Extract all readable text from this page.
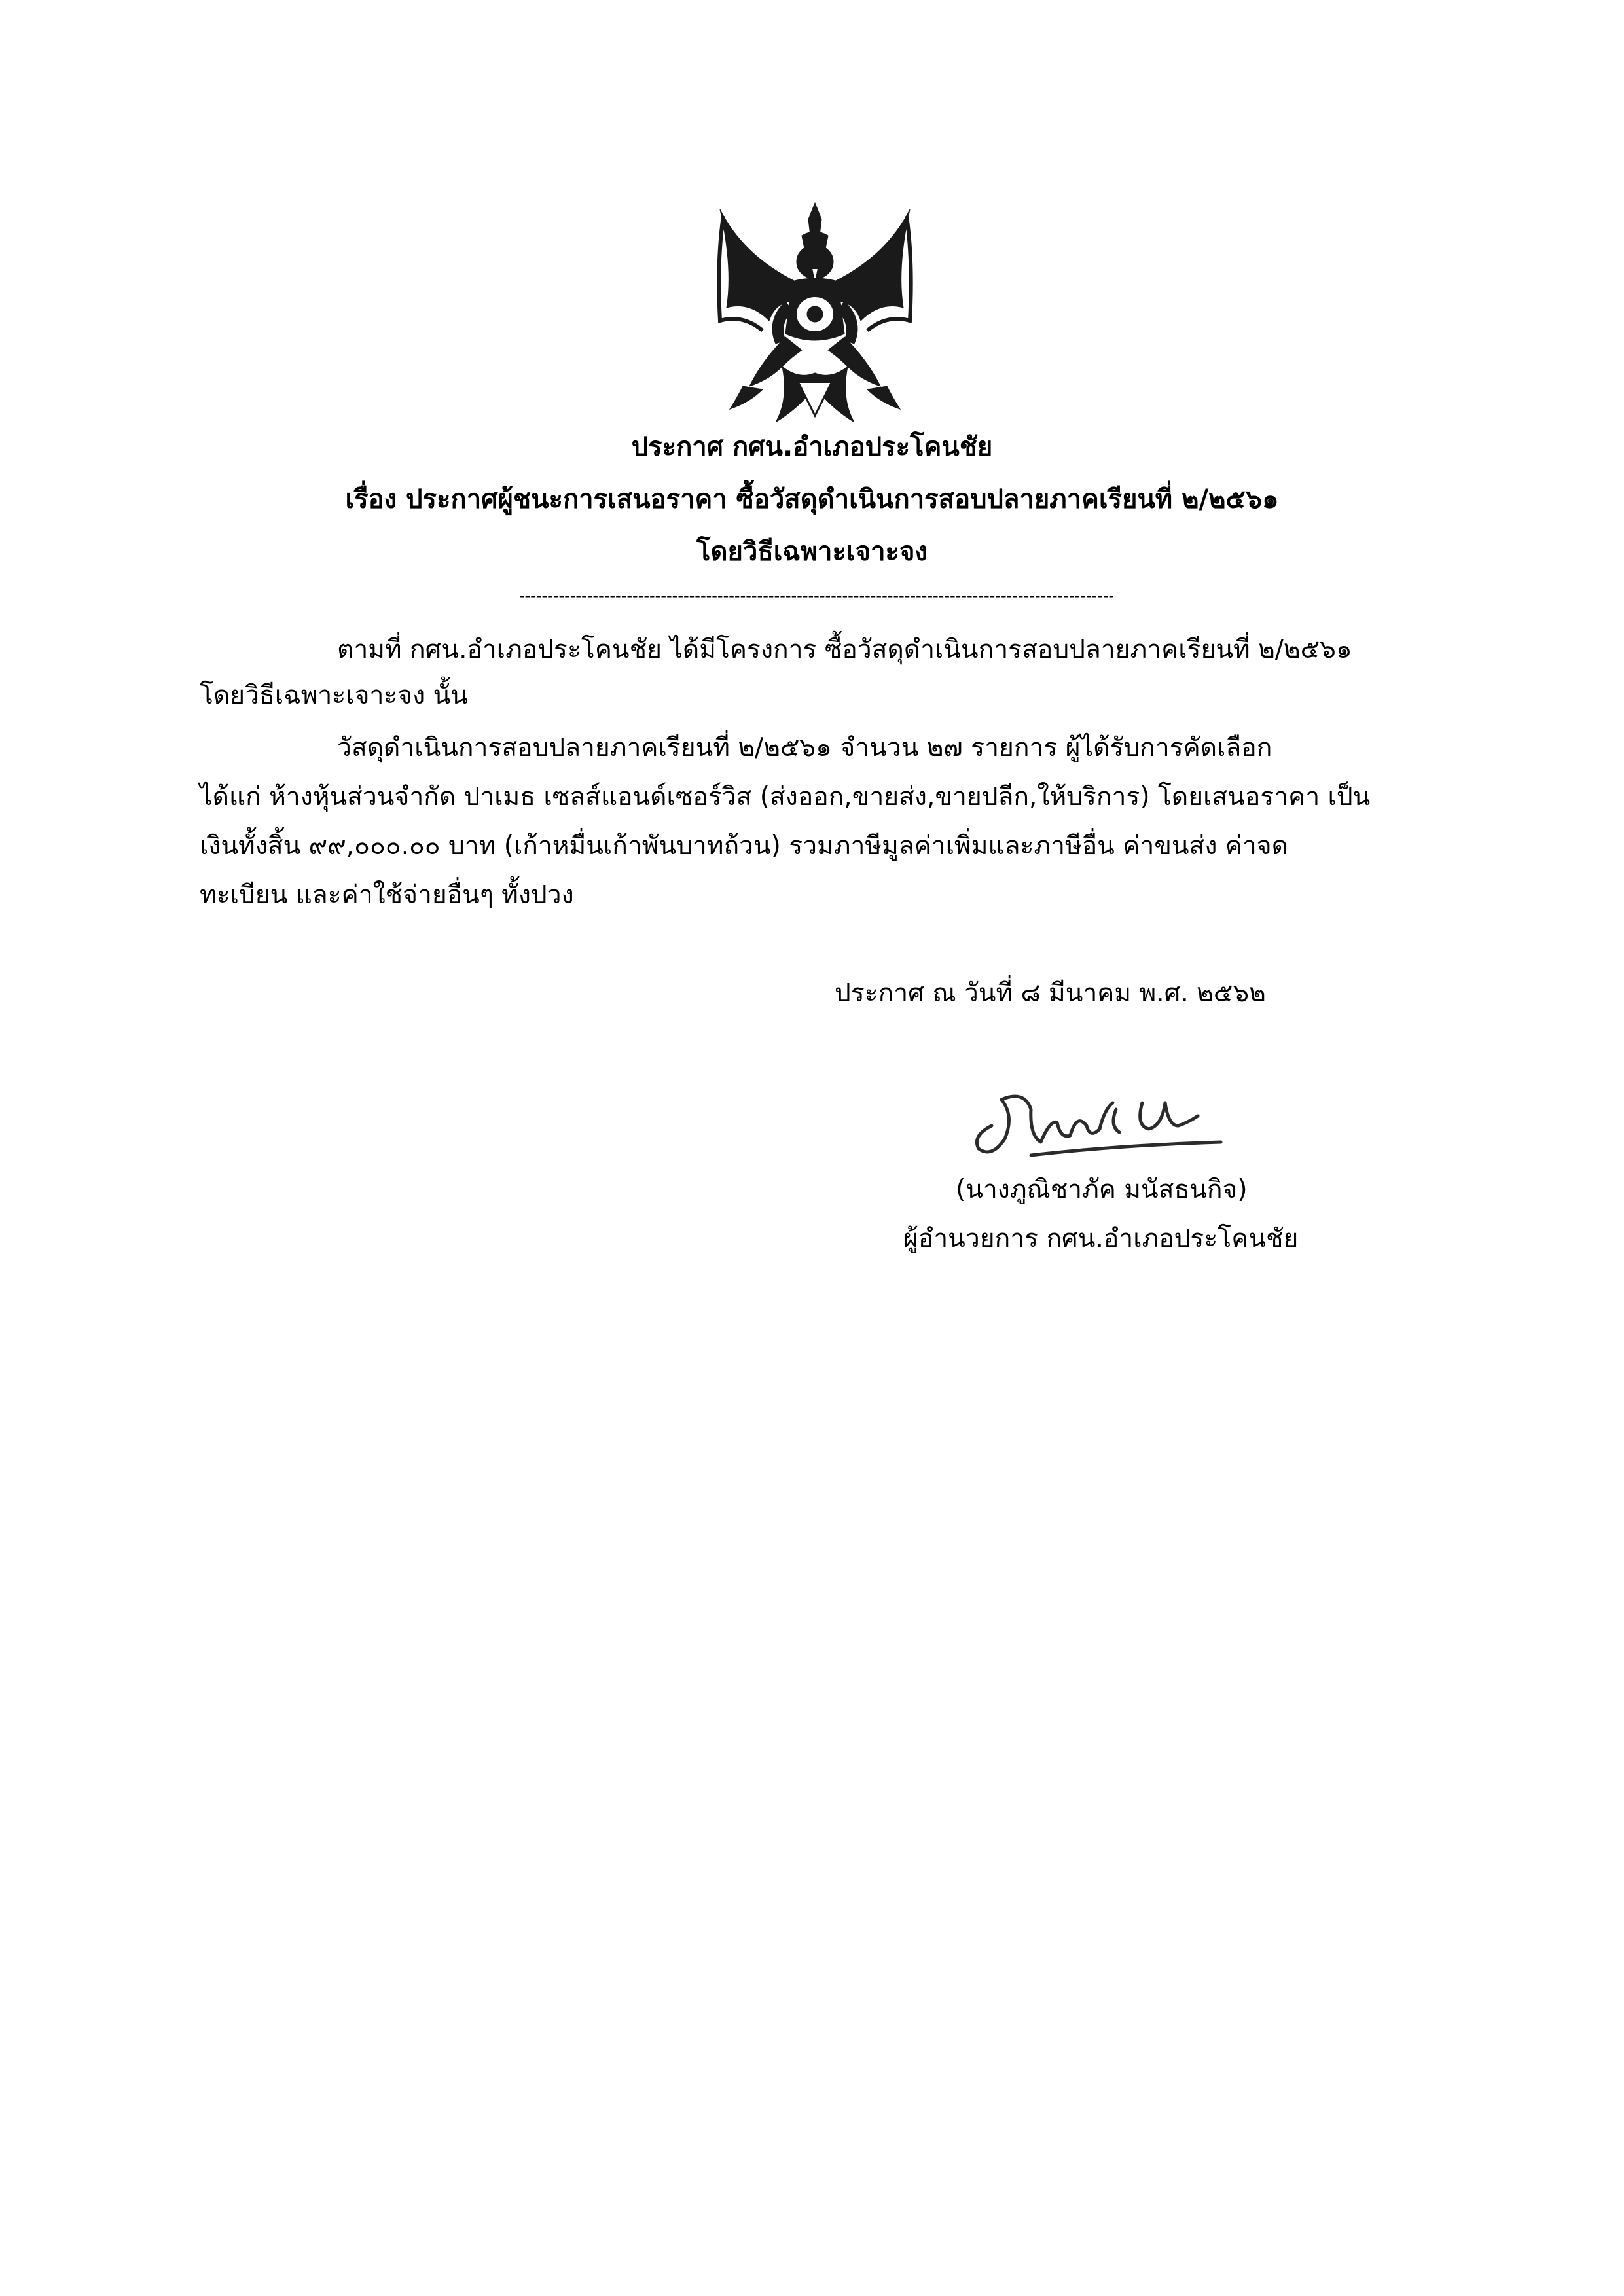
ประกาศ กศน.อำเภอประโคนชัย
เรื่อง ประกาศผู้ชนะการเสนอราคา ซื้อวัสดุดำเนินการสอบปลายภาคเรียนที่ ๒/๒๕๖๑
โดยวิธีเฉพาะเจาะจง
---------------------------------------------------------------------------------------------------------
ตามที่ กศน.อำเภอประโคนชัย ได้มีโครงการ ซื้อวัสดุดำเนินการสอบปลายภาคเรียนที่ ๒/๒๕๖๑
โดยวิธีเฉพาะเจาะจง นั้น
วัสดุดำเนินการสอบปลายภาคเรียนที่ ๒/๒๕๖๑ จำนวน ๒๗ รายการ ผู้ได้รับการคัดเลือก
ได้แก่ ห้างหุ้นส่วนจำกัด ปาเมธ เซลส์แอนด์เซอร์วิส (ส่งออก,ขายส่ง,ขายปลีก,ให้บริการ) โดยเสนอราคา เป็น
เงินทั้งสิ้น ๙๙,๐๐๐.๐๐ บาท (เก้าหมื่นเก้าพันบาทถ้วน) รวมภาษีมูลค่าเพิ่มและภาษีอื่น ค่าขนส่ง ค่าจด
ทะเบียน และค่าใช้จ่ายอื่นๆ ทั้งปวง
ประกาศ ณ วันที่ ๘ มีนาคม พ.ศ. ๒๕๖๒
(นางภูณิชาภัค มนัสธนกิจ)
ผู้อำนวยการ กศน.อำเภอประโคนชัย
